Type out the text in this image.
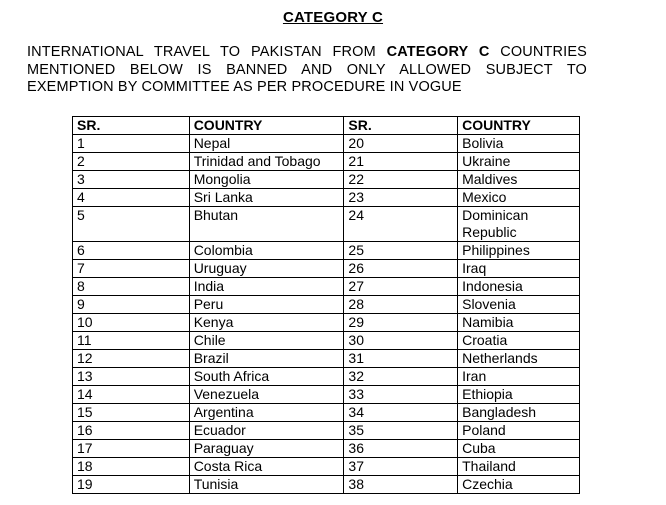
CATEGORY C
INTERNATIONAL TRAVEL TO PAKISTAN FROM CATEGORY C COUNTRIES MENTIONED BELOW IS BANNED AND ONLY ALLOWED SUBJECT TO EXEMPTION BY COMMITTEE AS PER PROCEDURE IN VOGUE
SR.	COUNTRY	SR.	COUNTRY
1	Nepal	20	Bolivia
2	Trinidad and Tobago	21	Ukraine
3	Mongolia	22	Maldives
4	Sri Lanka	23	Mexico
5	Bhutan	24	Dominican Republic
6	Colombia	25	Philippines
7	Uruguay	26	Iraq
8	India	27	Indonesia
9	Peru	28	Slovenia
10	Kenya	29	Namibia
11	Chile	30	Croatia
12	Brazil	31	Netherlands
13	South Africa	32	Iran
14	Venezuela	33	Ethiopia
15	Argentina	34	Bangladesh
16	Ecuador	35	Poland
17	Paraguay	36	Cuba
18	Costa Rica	37	Thailand
19	Tunisia	38	Czechia
